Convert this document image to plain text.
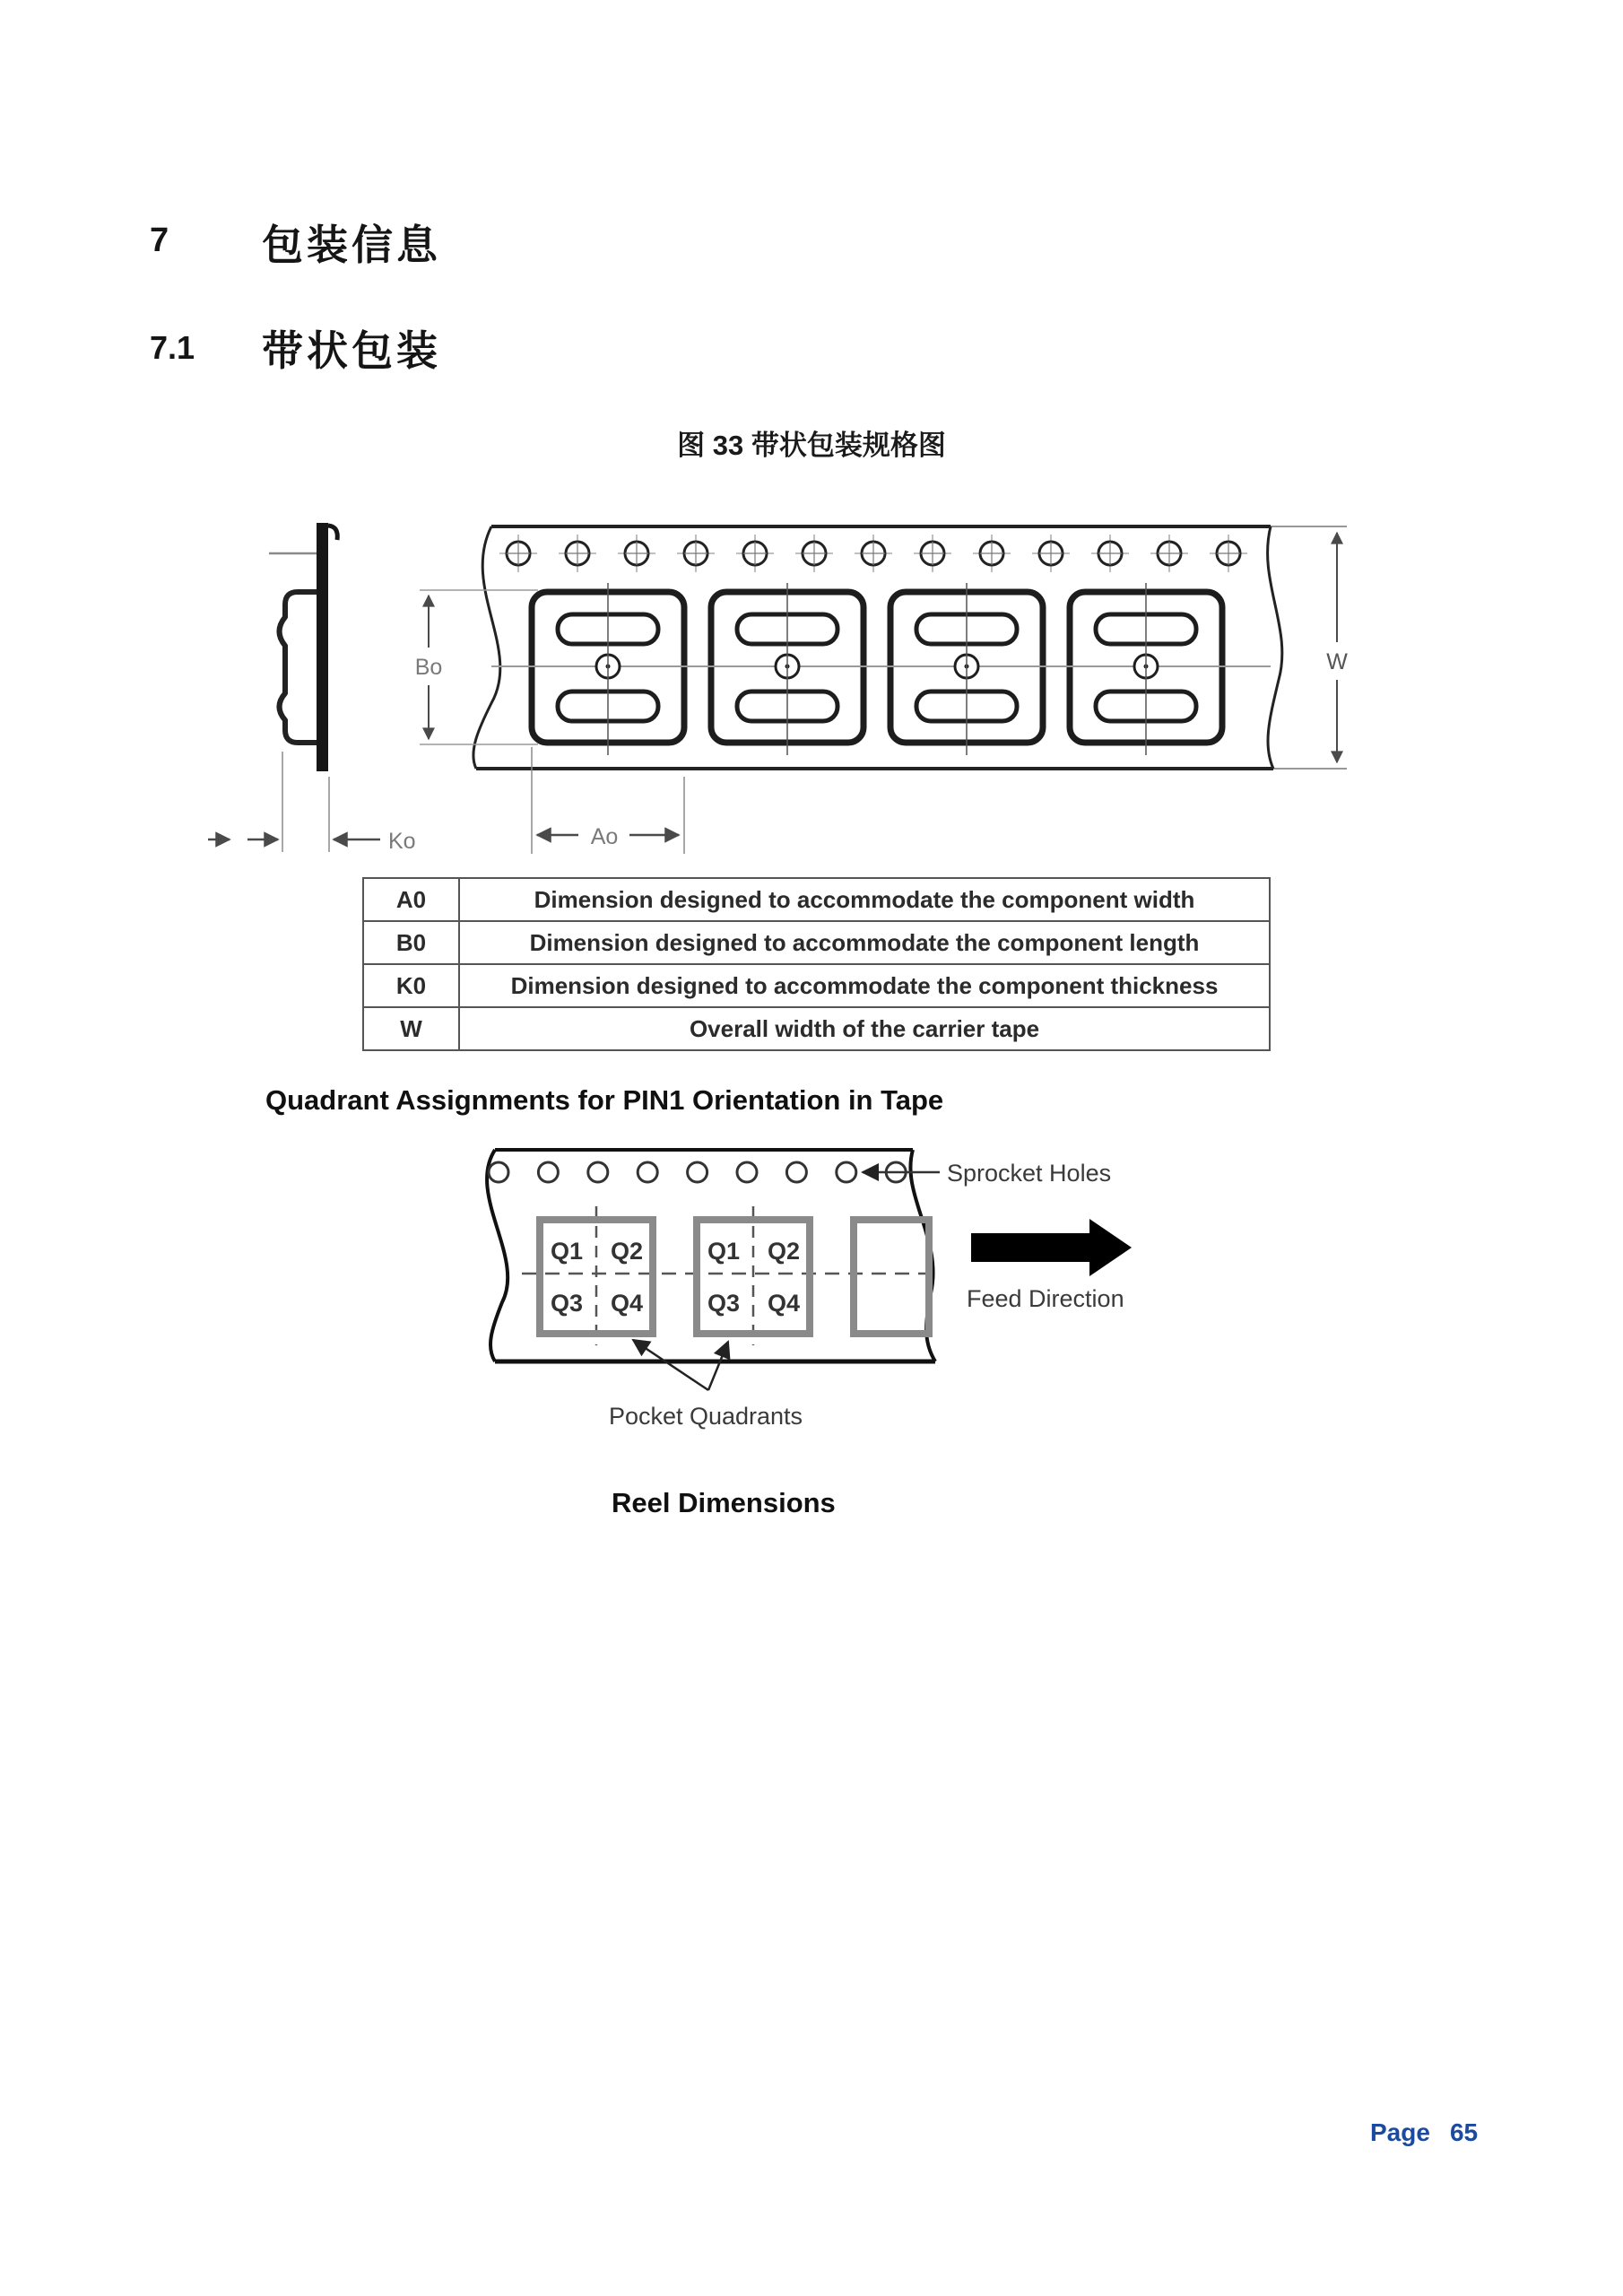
7 包装信息
7.1 带状包装
图 33 带状包装规格图
Ko
Bo
Ao
W
A0	Dimension designed to accommodate the component width
B0	Dimension designed to accommodate the component length
K0	Dimension designed to accommodate the component thickness
W	Overall width of the carrier tape
Quadrant Assignments for PIN1 Orientation in Tape
Sprocket Holes
Q1 Q2
Q3 Q4
Q1 Q2
Q3 Q4
Pocket Quadrants
Feed Direction
Reel Dimensions
Page 65
